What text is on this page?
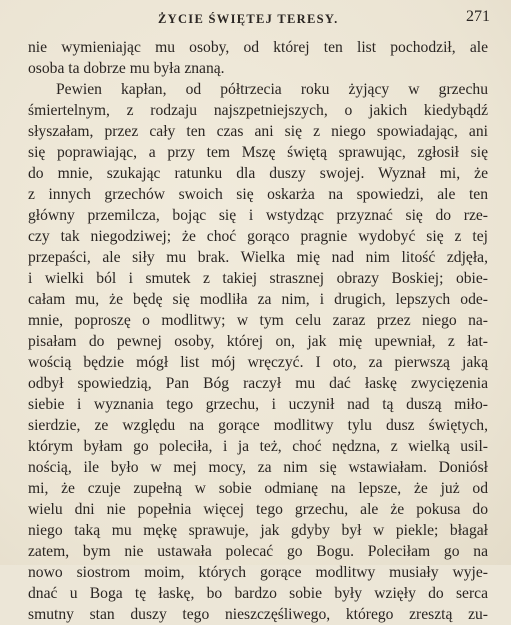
ŻYCIE ŚWIĘTEJ TERESY.	271
nie wymieniając mu osoby, od której ten list pochodził, ale
osoba ta dobrze mu była znaną.
Pewien kapłan, od półtrzecia roku żyjący w grzechu
śmiertelnym, z rodzaju najszpetniejszych, o jakich kiedybądź
słyszałam, przez cały ten czas ani się z niego spowiadając, ani
się poprawiając, a przy tem Mszę świętą sprawując, zgłosił się
do mnie, szukając ratunku dla duszy swojej. Wyznał mi, że
z innych grzechów swoich się oskarża na spowiedzi, ale ten
główny przemilcza, bojąc się i wstydząc przyznać się do rze-
czy tak niegodziwej; że choć gorąco pragnie wydobyć się z tej
przepaści, ale siły mu brak. Wielka mię nad nim litość zdjęła,
i wielki ból i smutek z takiej strasznej obrazy Boskiej; obie-
całam mu, że będę się modliła za nim, i drugich, lepszych ode-
mnie, poproszę o modlitwy; w tym celu zaraz przez niego na-
pisałam do pewnej osoby, której on, jak mię upewniał, z łat-
wością będzie mógł list mój wręczyć. I oto, za pierwszą jaką
odbył spowiedzią, Pan Bóg raczył mu dać łaskę zwycięzenia
siebie i wyznania tego grzechu, i uczynił nad tą duszą miło-
sierdzie, ze względu na gorące modlitwy tylu dusz świętych,
którym byłam go poleciła, i ja też, choć nędzna, z wielką usil-
nością, ile było w mej mocy, za nim się wstawiałam. Doniósł
mi, że czuje zupełną w sobie odmianę na lepsze, że już od
wielu dni nie popełnia więcej tego grzechu, ale że pokusa do
niego taką mu mękę sprawuje, jak gdyby był w piekle; błagał
zatem, bym nie ustawała polecać go Bogu. Poleciłam go na
nowo siostrom moim, których gorące modlitwy musiały wyje-
dnać u Boga tę łaskę, bo bardzo sobie były wzięły do serca
smutny stan duszy tego nieszczęśliwego, którego zresztą zu-
